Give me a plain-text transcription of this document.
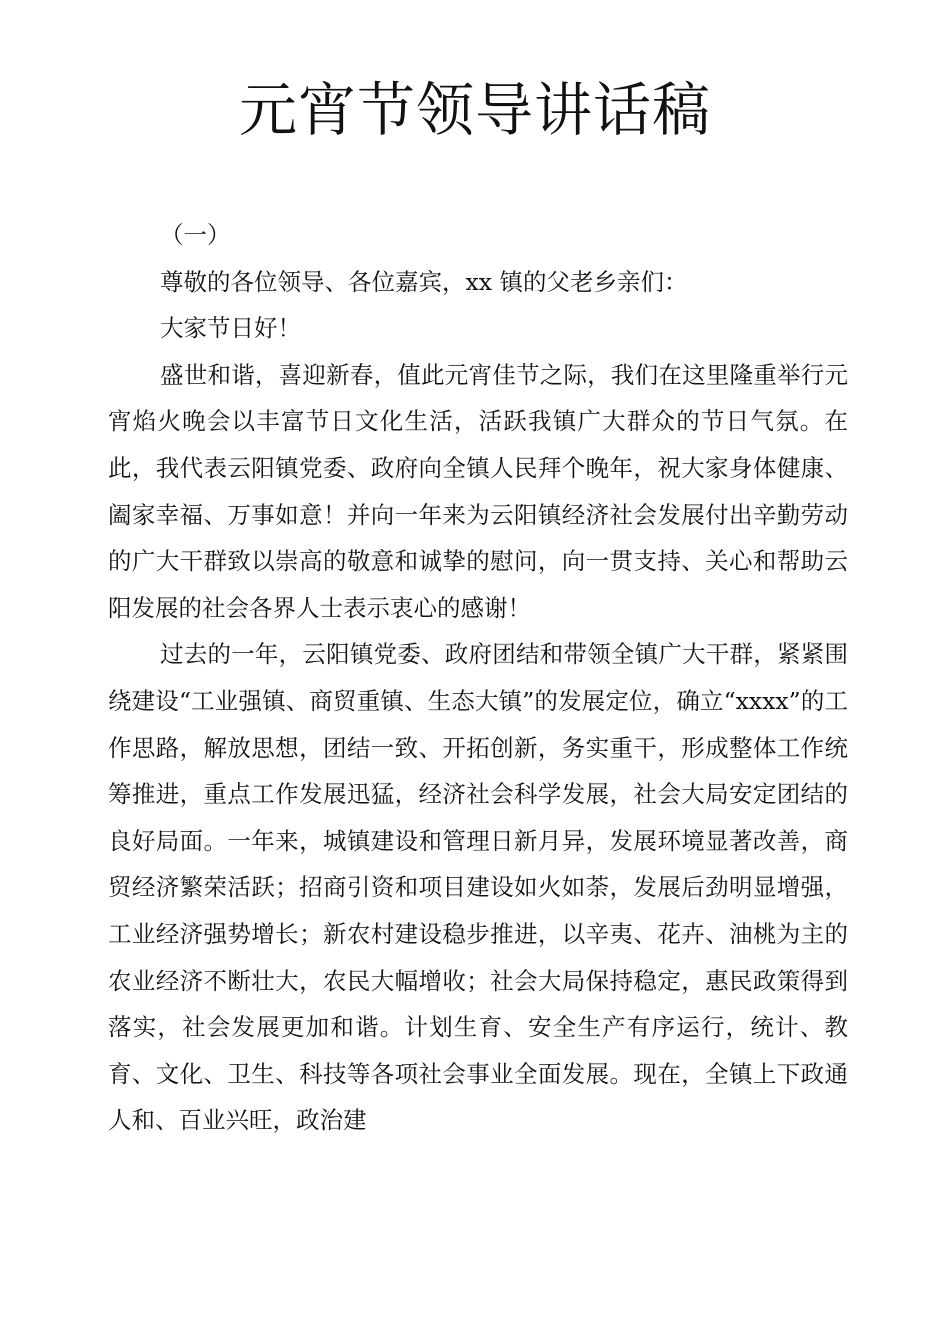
元宵节领导讲话稿

（一）

尊敬的各位领导、各位嘉宾，xx 镇的父老乡亲们：

大家节日好！

盛世和谐，喜迎新春，值此元宵佳节之际，我们在这里隆重举行元宵焰火晚会以丰富节日文化生活，活跃我镇广大群众的节日气氛。在此，我代表云阳镇党委、政府向全镇人民拜个晚年，祝大家身体健康、阖家幸福、万事如意！并向一年来为云阳镇经济社会发展付出辛勤劳动的广大干群致以崇高的敬意和诚挚的慰问，向一贯支持、关心和帮助云阳发展的社会各界人士表示衷心的感谢！

过去的一年，云阳镇党委、政府团结和带领全镇广大干群，紧紧围绕建设“工业强镇、商贸重镇、生态大镇”的发展定位，确立“xxxx”的工作思路，解放思想，团结一致、开拓创新，务实重干，形成整体工作统筹推进，重点工作发展迅猛，经济社会科学发展，社会大局安定团结的良好局面。一年来，城镇建设和管理日新月异，发展环境显著改善，商贸经济繁荣活跃；招商引资和项目建设如火如荼，发展后劲明显增强，工业经济强势增长；新农村建设稳步推进，以辛夷、花卉、油桃为主的农业经济不断壮大，农民大幅增收；社会大局保持稳定，惠民政策得到落实，社会发展更加和谐。计划生育、安全生产有序运行，统计、教育、文化、卫生、科技等各项社会事业全面发展。现在，全镇上下政通人和、百业兴旺，政治建
